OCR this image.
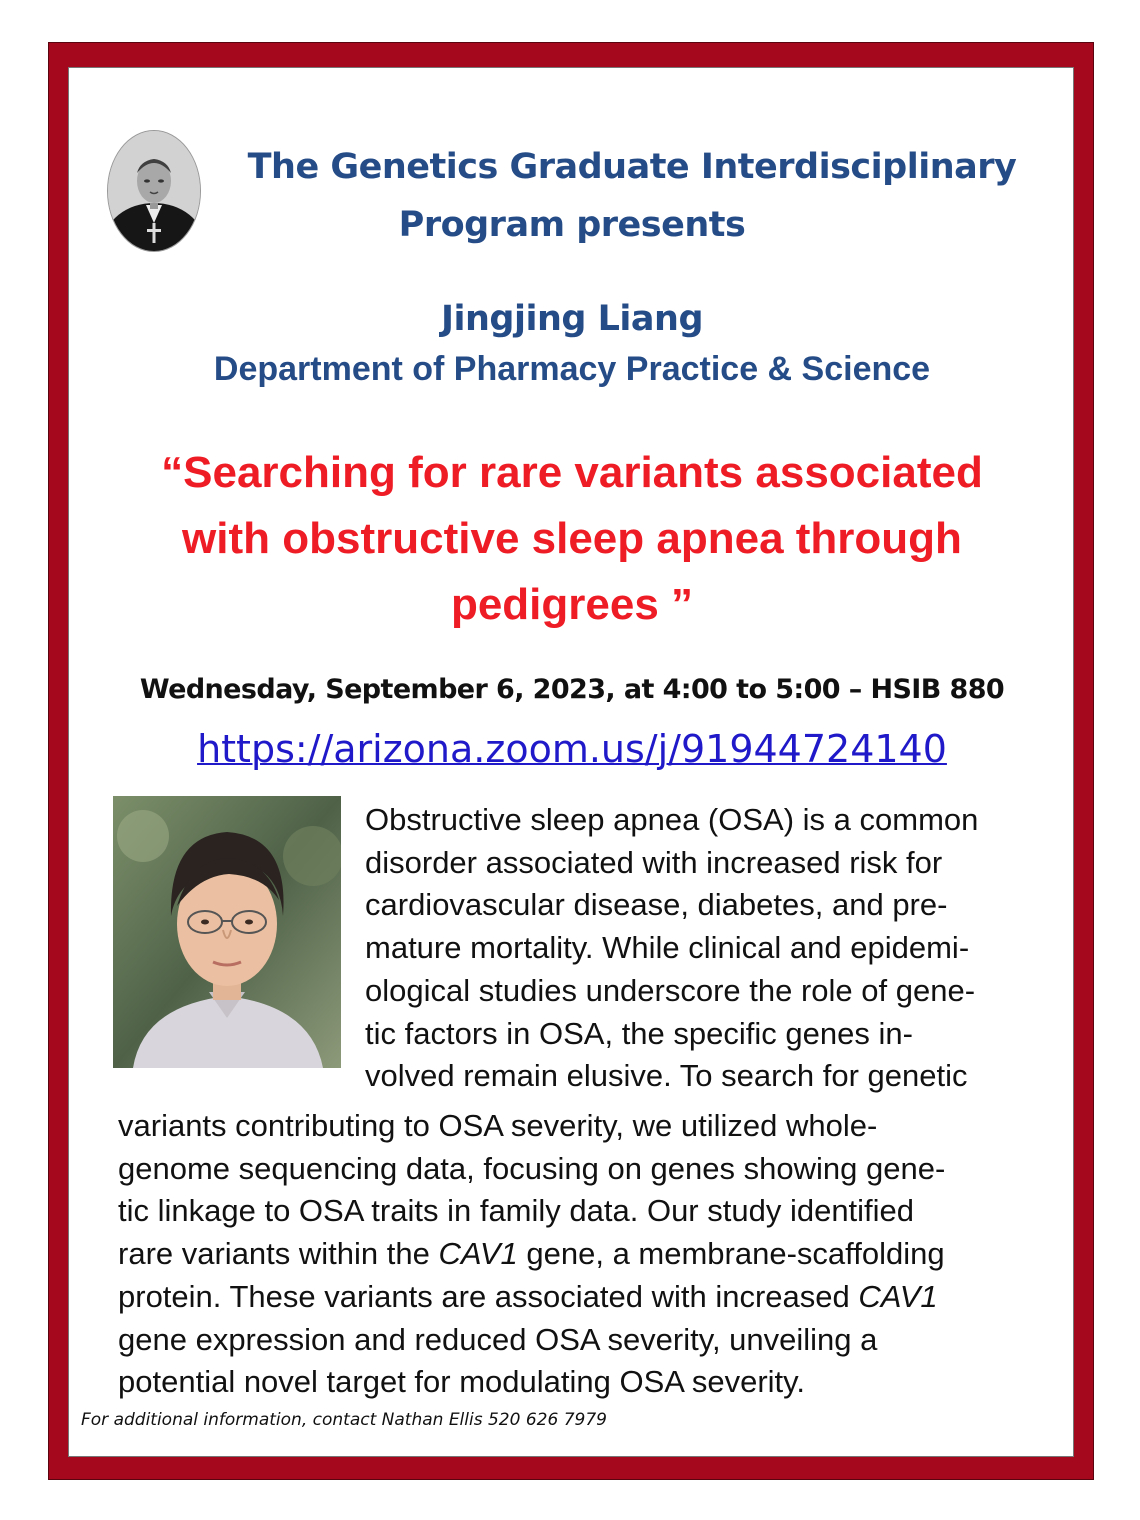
The Genetics Graduate Interdisciplinary
Program presents
Jingjing Liang
Department of Pharmacy Practice & Science
“Searching for rare variants associated
with obstructive sleep apnea through
pedigrees ”
Wednesday, September 6, 2023, at 4:00 to 5:00 – HSIB 880
https://arizona.zoom.us/j/91944724140

Obstructive sleep apnea (OSA) is a common
disorder associated with increased risk for
cardiovascular disease, diabetes, and pre-
mature mortality. While clinical and epidemi-
ological studies underscore the role of gene-
tic factors in OSA, the specific genes in-
volved remain elusive. To search for genetic

variants contributing to OSA severity, we utilized whole-
genome sequencing data, focusing on genes showing gene-
tic linkage to OSA traits in family data. Our study identified
rare variants within the CAV1 gene, a membrane-scaffolding
protein. These variants are associated with increased CAV1
gene expression and reduced OSA severity, unveiling a
potential novel target for modulating OSA severity.

For additional information, contact Nathan Ellis 520 626 7979
